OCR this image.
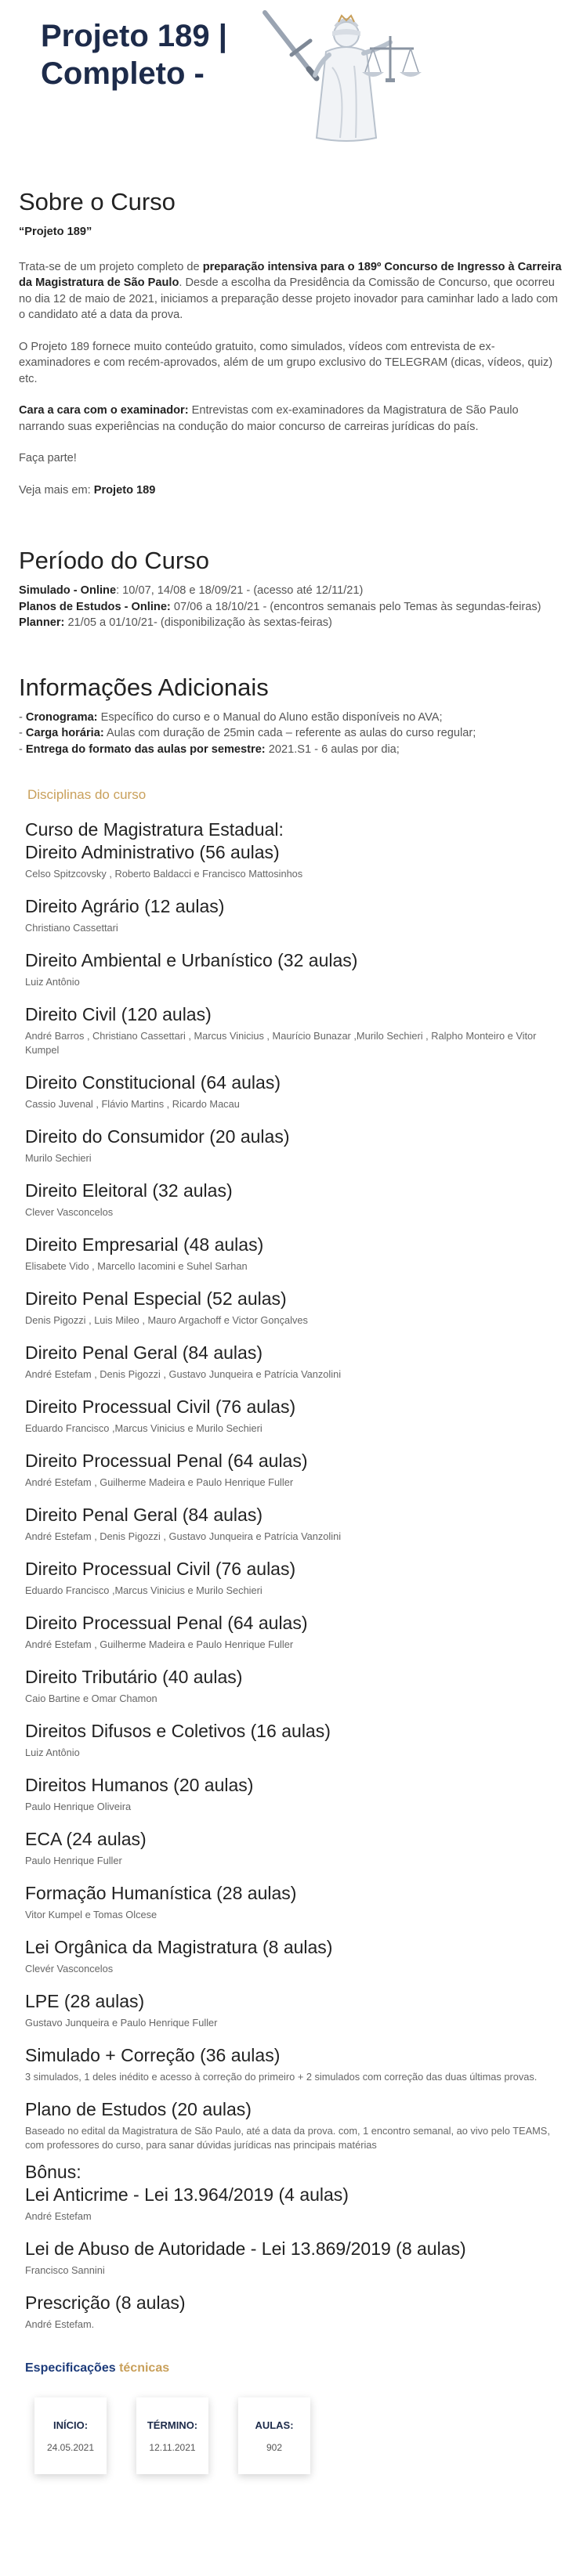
Projeto 189 | Completo -
Sobre o Curso

“Projeto 189”

Trata-se de um projeto completo de preparação intensiva para o 189º Concurso de Ingresso à Carreira da Magistratura de São Paulo. Desde a escolha da Presidência da Comissão de Concurso, que ocorreu no dia 12 de maio de 2021, iniciamos a preparação desse projeto inovador para caminhar lado a lado com o candidato até a data da prova.

O Projeto 189 fornece muito conteúdo gratuito, como simulados, vídeos com entrevista de ex-examinadores e com recém-aprovados, além de um grupo exclusivo do TELEGRAM (dicas, vídeos, quiz) etc.

Cara a cara com o examinador: Entrevistas com ex-examinadores da Magistratura de São Paulo narrando suas experiências na condução do maior concurso de carreiras jurídicas do país.

Faça parte!

Veja mais em: Projeto 189

Período do Curso
Simulado - Online: 10/07, 14/08 e 18/09/21 - (acesso até 12/11/21)
Planos de Estudos - Online: 07/06 a 18/10/21 - (encontros semanais pelo Temas às segundas-feiras)
Planner: 21/05 a 01/10/21- (disponibilização às sextas-feiras)
Informações Adicionais
- Cronograma: Específico do curso e o Manual do Aluno estão disponíveis no AVA;
- Carga horária: Aulas com duração de 25min cada – referente as aulas do curso regular;
- Entrega do formato das aulas por semestre: 2021.S1 - 6 aulas por dia;
Disciplinas do curso
Curso de Magistratura Estadual:
Direito Administrativo (56 aulas)
Celso Spitzcovsky , Roberto Baldacci e Francisco Mattosinhos
Direito Agrário (12 aulas)
Christiano Cassettari
Direito Ambiental e Urbanístico (32 aulas)
Luiz Antônio
Direito Civil (120 aulas)
André Barros , Christiano Cassettari , Marcus Vinicius , Maurício Bunazar ,Murilo Sechieri , Ralpho Monteiro e Vitor Kumpel
Direito Constitucional (64 aulas)
Cassio Juvenal , Flávio Martins , Ricardo Macau
Direito do Consumidor (20 aulas)
Murilo Sechieri
Direito Eleitoral (32 aulas)
Clever Vasconcelos
Direito Empresarial (48 aulas)
Elisabete Vido , Marcello Iacomini e Suhel Sarhan
Direito Penal Especial (52 aulas)
Denis Pigozzi , Luis Mileo , Mauro Argachoff e Victor Gonçalves
Direito Penal Geral (84 aulas)
André Estefam , Denis Pigozzi , Gustavo Junqueira e Patrícia Vanzolini
Direito Processual Civil (76 aulas)
Eduardo Francisco ,Marcus Vinicius e Murilo Sechieri
Direito Processual Penal (64 aulas)
André Estefam , Guilherme Madeira e Paulo Henrique Fuller
Direito Penal Geral (84 aulas)
André Estefam , Denis Pigozzi , Gustavo Junqueira e Patrícia Vanzolini
Direito Processual Civil (76 aulas)
Eduardo Francisco ,Marcus Vinicius e Murilo Sechieri
Direito Processual Penal (64 aulas)
André Estefam , Guilherme Madeira e Paulo Henrique Fuller
Direito Tributário (40 aulas)
Caio Bartine e Omar Chamon
Direitos Difusos e Coletivos (16 aulas)
Luiz Antônio
Direitos Humanos (20 aulas)
Paulo Henrique Oliveira
ECA (24 aulas)
Paulo Henrique Fuller
Formação Humanística (28 aulas)
Vitor Kumpel e Tomas Olcese
Lei Orgânica da Magistratura (8 aulas)
Clevér Vasconcelos
LPE (28 aulas)
Gustavo Junqueira e Paulo Henrique Fuller
Simulado + Correção (36 aulas)
3 simulados, 1 deles inédito e acesso à correção do primeiro + 2 simulados com correção das duas últimas provas.
Plano de Estudos (20 aulas)
Baseado no edital da Magistratura de São Paulo, até a data da prova. com, 1 encontro semanal, ao vivo pelo TEAMS, com professores do curso, para sanar dúvidas jurídicas nas principais matérias
Bônus:
Lei Anticrime - Lei 13.964/2019 (4 aulas)
André Estefam
Lei de Abuso de Autoridade - Lei 13.869/2019 (8 aulas)
Francisco Sannini
Prescrição (8 aulas)
André Estefam.
Especificações técnicas
INÍCIO:
24.05.2021
TÉRMINO:
12.11.2021
AULAS:
902
